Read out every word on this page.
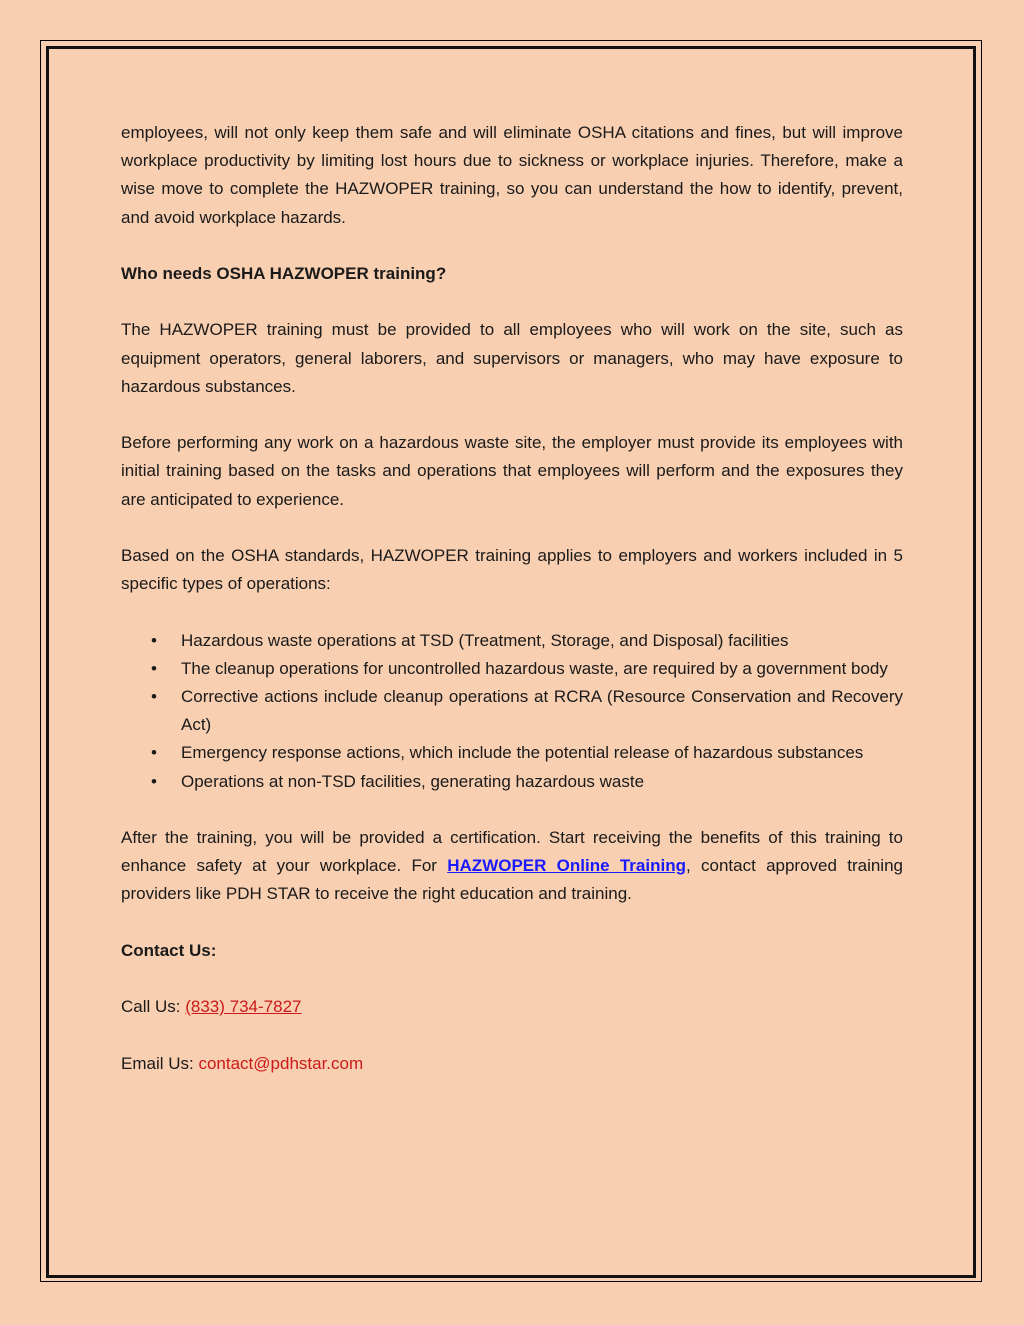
employees, will not only keep them safe and will eliminate OSHA citations and fines, but will improve workplace productivity by limiting lost hours due to sickness or workplace injuries. Therefore, make a wise move to complete the HAZWOPER training, so you can understand the how to identify, prevent, and avoid workplace hazards.

Who needs OSHA HAZWOPER training?

The HAZWOPER training must be provided to all employees who will work on the site, such as equipment operators, general laborers, and supervisors or managers, who may have exposure to hazardous substances.

Before performing any work on a hazardous waste site, the employer must provide its employees with initial training based on the tasks and operations that employees will perform and the exposures they are anticipated to experience.

Based on the OSHA standards, HAZWOPER training applies to employers and workers included in 5 specific types of operations:

• Hazardous waste operations at TSD (Treatment, Storage, and Disposal) facilities
• The cleanup operations for uncontrolled hazardous waste, are required by a government body
• Corrective actions include cleanup operations at RCRA (Resource Conservation and Recovery Act)
• Emergency response actions, which include the potential release of hazardous substances
• Operations at non-TSD facilities, generating hazardous waste

After the training, you will be provided a certification. Start receiving the benefits of this training to enhance safety at your workplace. For HAZWOPER Online Training, contact approved training providers like PDH STAR to receive the right education and training.

Contact Us:

Call Us: (833) 734-7827

Email Us: contact@pdhstar.com
